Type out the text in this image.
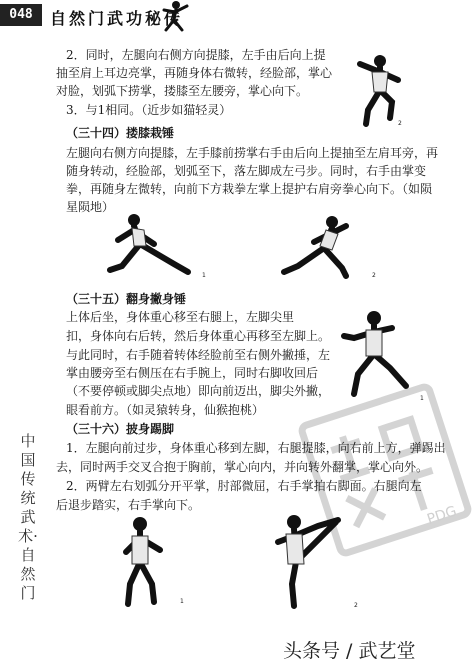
048	自然门武功秘传
2．同时，左腿向右侧方向提膝，左手由后向上提
抽至肩上耳边亮掌，再随身体右微转，经脸部，掌心
对脸，划弧下捞掌，搂膝至左腰旁，掌心向下。
3．与1相同。（近步如猫轻灵）
2
（三十四）搂膝栽锤
左腿向右侧方向提膝，左手膝前捞掌右手由后向上提抽至左肩耳旁，再
随身转动，经脸部，划弧至下，落左脚成左弓步。同时，右手由掌变
拳，再随身左微转，向前下方栽拳左掌上提护右肩旁拳心向下。（如陨
星陨地）
1	2
（三十五）翻身撇身锤
上体后坐，身体重心移至右腿上，左脚尖里
扣，身体向右后转，然后身体重心再移至左脚上。
与此同时，右手随着转体经脸前至右侧外撇捶，左
掌由腰旁至右侧压在右手腕上，同时右脚收回后
（不要停顿或脚尖点地）即向前迈出，脚尖外撇，
眼看前方。（如灵猿转身，仙猴抱桃）
1
PDG
（三十六）披身踢脚
1．左腿向前过步，身体重心移到左脚，右腿提膝，向右前上方，弹踢出
去，同时两手交叉合抱于胸前，掌心向内，并向转外翻掌，掌心向外。
2．两臂左右划弧分开平掌，肘部微屈，右手掌拍右脚面。右腿向左
后退步踏实，右手掌向下。
中国传统武术·自然门	1
2
头条号 / 武艺堂
